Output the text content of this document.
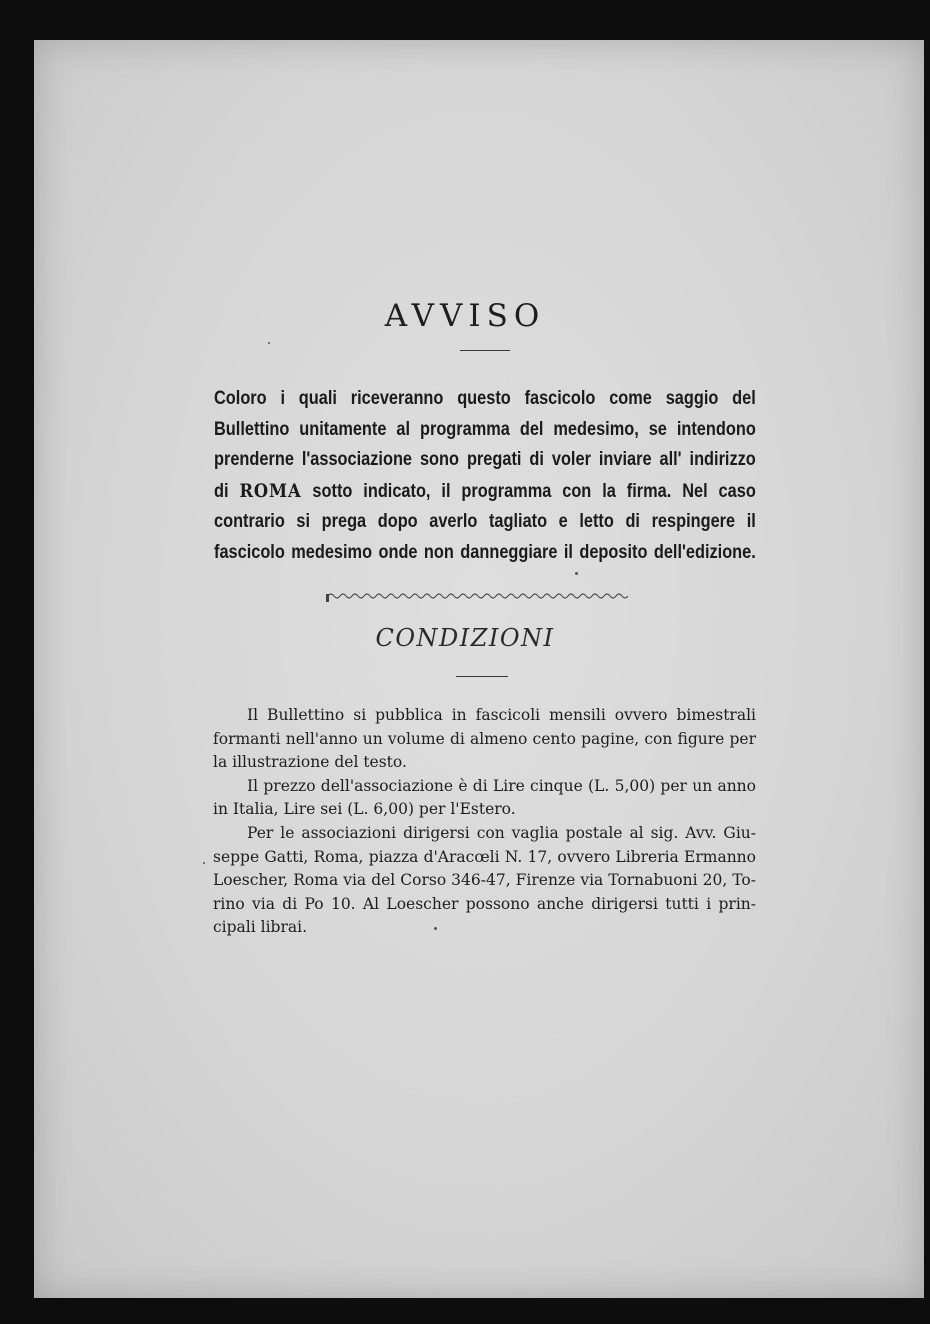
AVVISO
Coloro i quali riceveranno questo fascicolo come saggio del
Bullettino unitamente al programma del medesimo, se intendono
prenderne l'associazione sono pregati di voler inviare all' indirizzo
di ROMA sotto indicato, il programma con la firma. Nel caso
contrario si prega dopo averlo tagliato e letto di respingere il
fascicolo medesimo onde non danneggiare il deposito dell'edizione.
CONDIZIONI
Il Bullettino si pubblica in fascicoli mensili ovvero bimestrali
formanti nell'anno un volume di almeno cento pagine, con figure per
la illustrazione del testo.
Il prezzo dell'associazione è di Lire cinque (L. 5,00) per un anno
in Italia, Lire sei (L. 6,00) per l'Estero.
Per le associazioni dirigersi con vaglia postale al sig. Avv. Giu-
seppe Gatti, Roma, piazza d'Aracœli N. 17, ovvero Libreria Ermanno
Loescher, Roma via del Corso 346-47, Firenze via Tornabuoni 20, To-
rino via di Po 10. Al Loescher possono anche dirigersi tutti i prin-
cipali librai.
